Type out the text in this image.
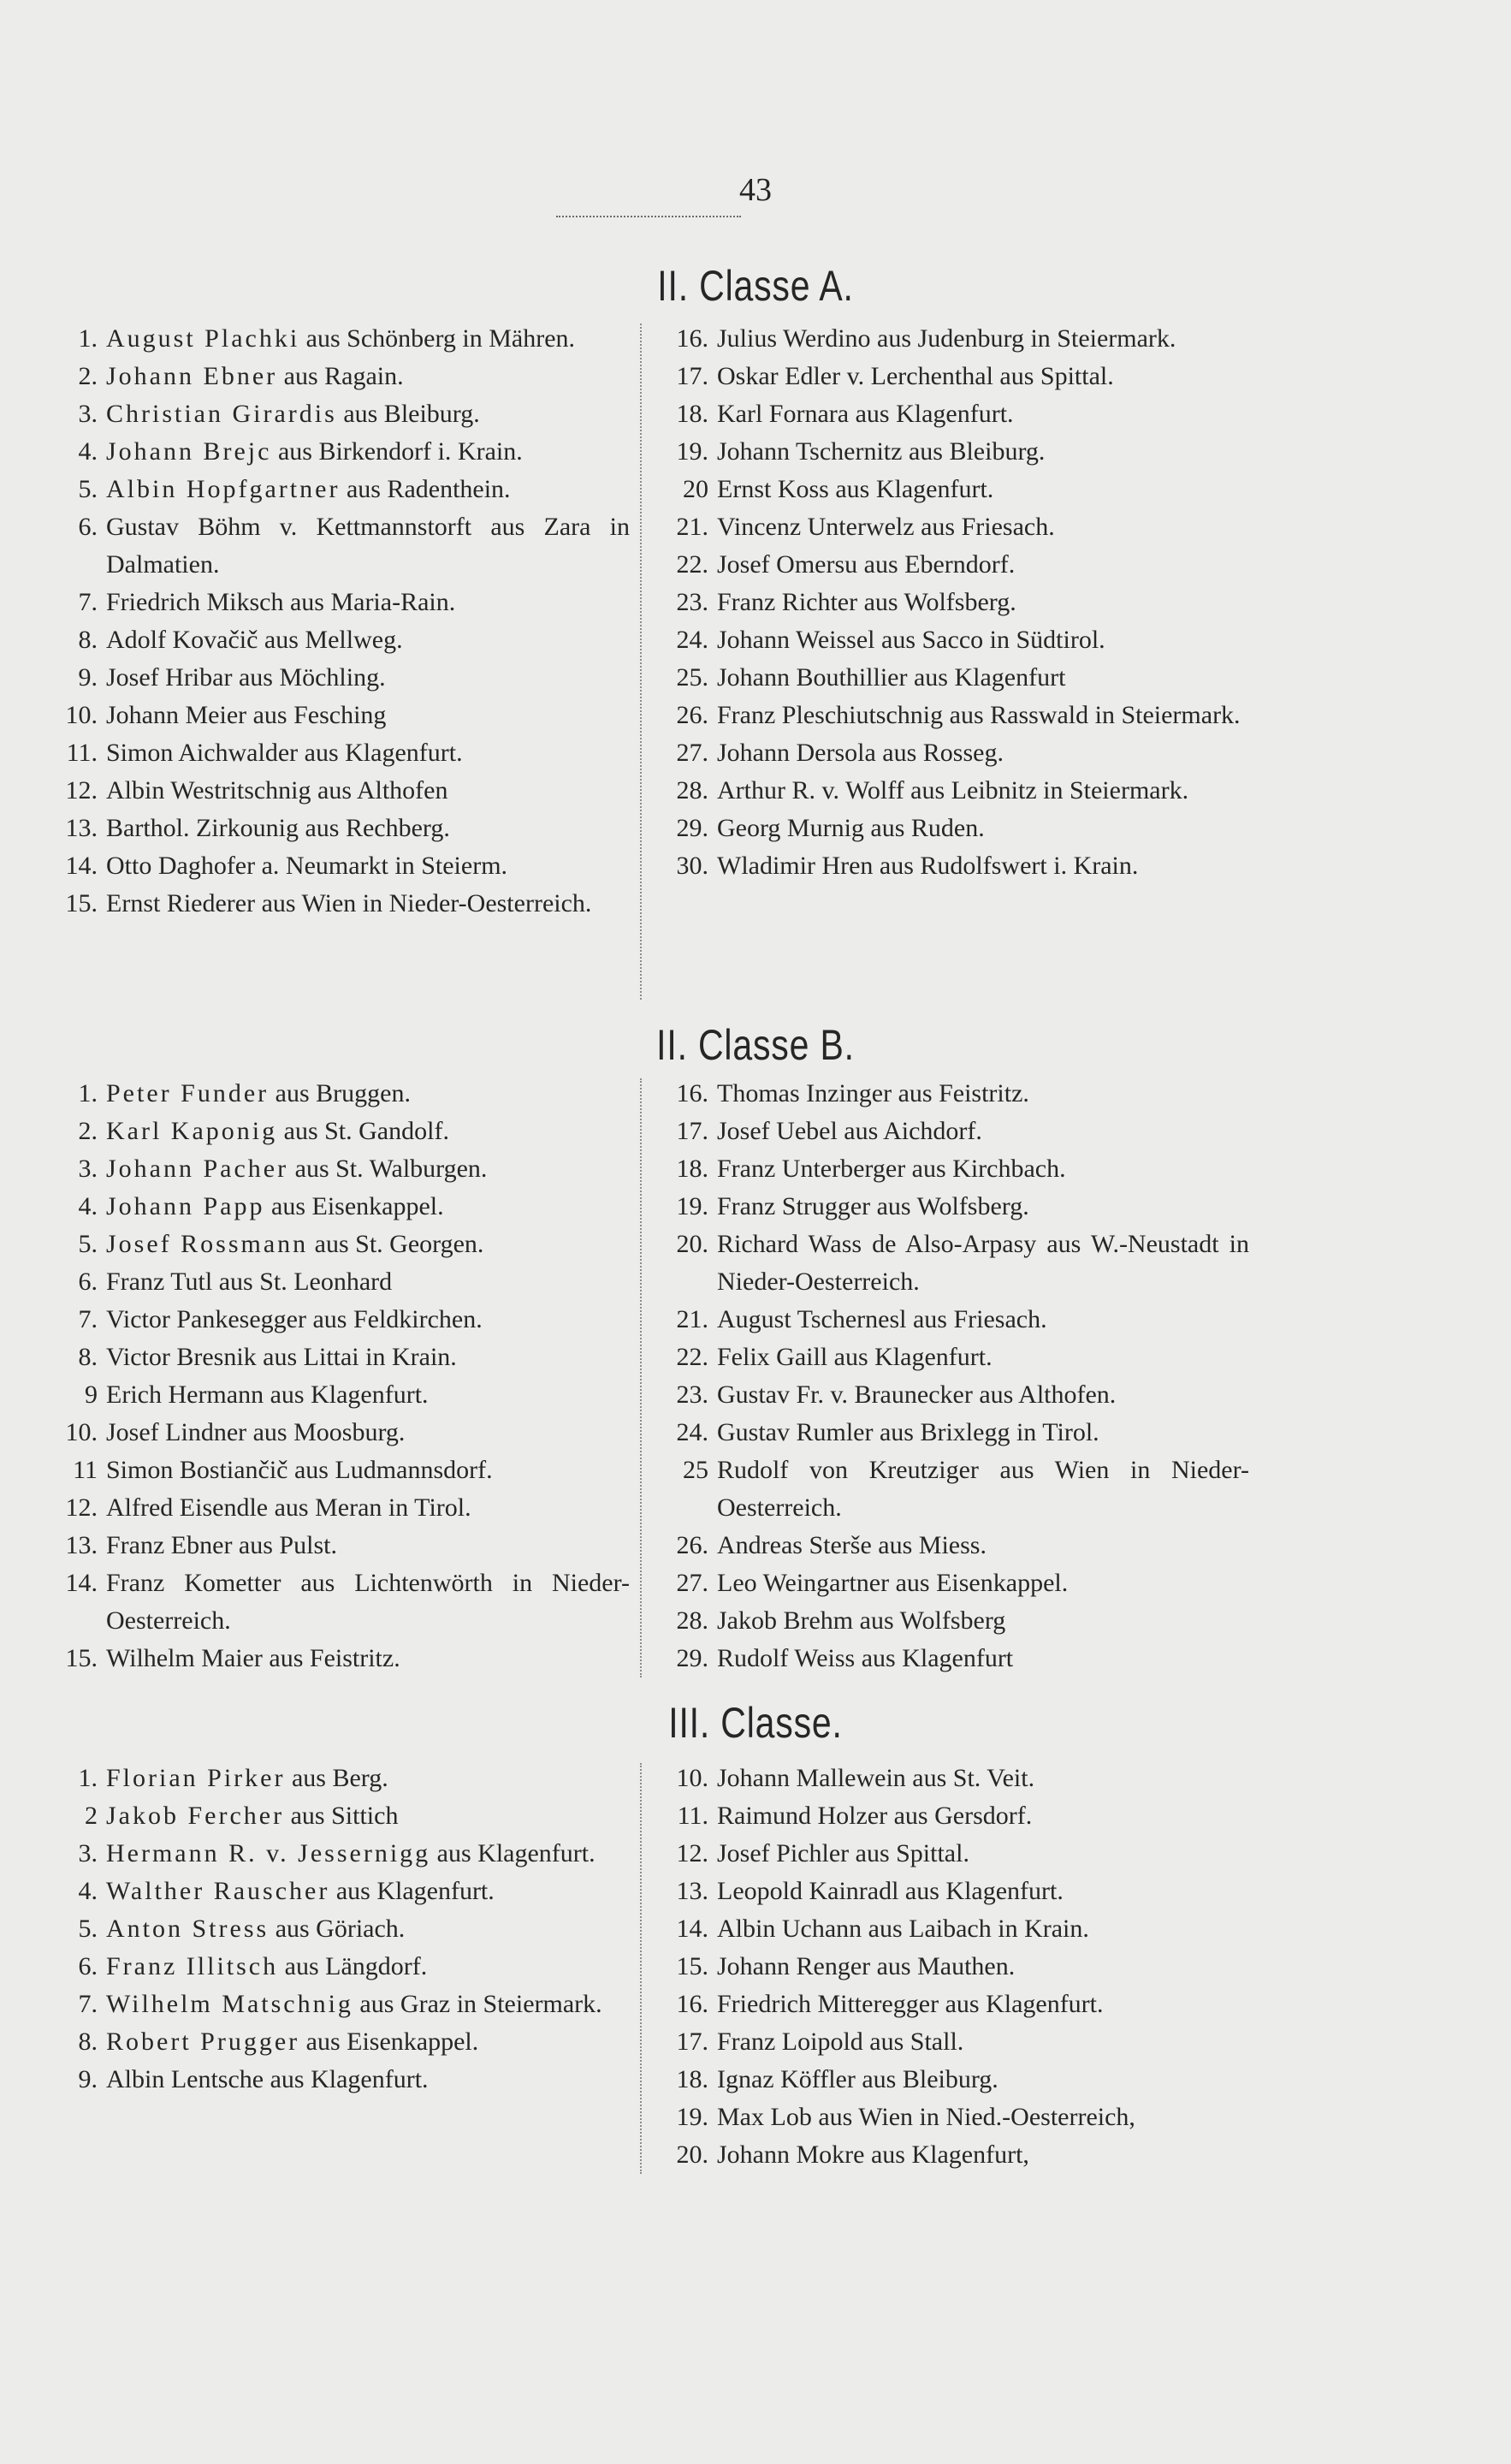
43
II. Classe A.
1. August Plachki aus Schönberg in Mähren.
2. Johann Ebner aus Ragain.
3. Christian Girardis aus Bleiburg.
4. Johann Brejc aus Birkendorf i. Krain.
5. Albin Hopfgartner aus Radenthein.
6. Gustav Böhm v. Kettmannstorft aus Zara in Dalmatien.
7. Friedrich Miksch aus Maria-Rain.
8. Adolf Kovačič aus Mellweg.
9. Josef Hribar aus Möchling.
10. Johann Meier aus Fesching
11. Simon Aichwalder aus Klagenfurt.
12. Albin Westritschnig aus Althofen
13. Barthol. Zirkounig aus Rechberg.
14. Otto Daghofer a. Neumarkt in Steierm.
15. Ernst Riederer aus Wien in Nieder-Oesterreich.
16. Julius Werdino aus Judenburg in Steiermark.
17. Oskar Edler v. Lerchenthal aus Spittal.
18. Karl Fornara aus Klagenfurt.
19. Johann Tschernitz aus Bleiburg.
20 Ernst Koss aus Klagenfurt.
21. Vincenz Unterwelz aus Friesach.
22. Josef Omersu aus Eberndorf.
23. Franz Richter aus Wolfsberg.
24. Johann Weissel aus Sacco in Südtirol.
25. Johann Bouthillier aus Klagenfurt
26. Franz Pleschiutschnig aus Rasswald in Steiermark.
27. Johann Dersola aus Rosseg.
28. Arthur R. v. Wolff aus Leibnitz in Steiermark.
29. Georg Murnig aus Ruden.
30. Wladimir Hren aus Rudolfswert i. Krain.
II. Classe B.
1. Peter Funder aus Bruggen.
2. Karl Kaponig aus St. Gandolf.
3. Johann Pacher aus St. Walburgen.
4. Johann Papp aus Eisenkappel.
5. Josef Rossmann aus St. Georgen.
6. Franz Tutl aus St. Leonhard
7. Victor Pankesegger aus Feldkirchen.
8. Victor Bresnik aus Littai in Krain.
9 Erich Hermann aus Klagenfurt.
10. Josef Lindner aus Moosburg.
11 Simon Bostiančič aus Ludmannsdorf.
12. Alfred Eisendle aus Meran in Tirol.
13. Franz Ebner aus Pulst.
14. Franz Kometter aus Lichtenwörth in Nieder-Oesterreich.
15. Wilhelm Maier aus Feistritz.
16. Thomas Inzinger aus Feistritz.
17. Josef Uebel aus Aichdorf.
18. Franz Unterberger aus Kirchbach.
19. Franz Strugger aus Wolfsberg.
20. Richard Wass de Also-Arpasy aus W.-Neustadt in Nieder-Oesterreich.
21. August Tschernesl aus Friesach.
22. Felix Gaill aus Klagenfurt.
23. Gustav Fr. v. Braunecker aus Althofen.
24. Gustav Rumler aus Brixlegg in Tirol.
25 Rudolf von Kreutziger aus Wien in Nieder-Oesterreich.
26. Andreas Sterše aus Miess.
27. Leo Weingartner aus Eisenkappel.
28. Jakob Brehm aus Wolfsberg
29. Rudolf Weiss aus Klagenfurt
III. Classe.
1. Florian Pirker aus Berg.
2 Jakob Fercher aus Sittich
3. Hermann R. v. Jessernigg aus Klagenfurt.
4. Walther Rauscher aus Klagenfurt.
5. Anton Stress aus Göriach.
6. Franz Illitsch aus Längdorf.
7. Wilhelm Matschnig aus Graz in Steiermark.
8. Robert Prugger aus Eisenkappel.
9. Albin Lentsche aus Klagenfurt.
10. Johann Mallewein aus St. Veit.
11. Raimund Holzer aus Gersdorf.
12. Josef Pichler aus Spittal.
13. Leopold Kainradl aus Klagenfurt.
14. Albin Uchann aus Laibach in Krain.
15. Johann Renger aus Mauthen.
16. Friedrich Mitteregger aus Klagenfurt.
17. Franz Loipold aus Stall.
18. Ignaz Köffler aus Bleiburg.
19. Max Lob aus Wien in Nied.-Oesterreich,
20. Johann Mokre aus Klagenfurt,
